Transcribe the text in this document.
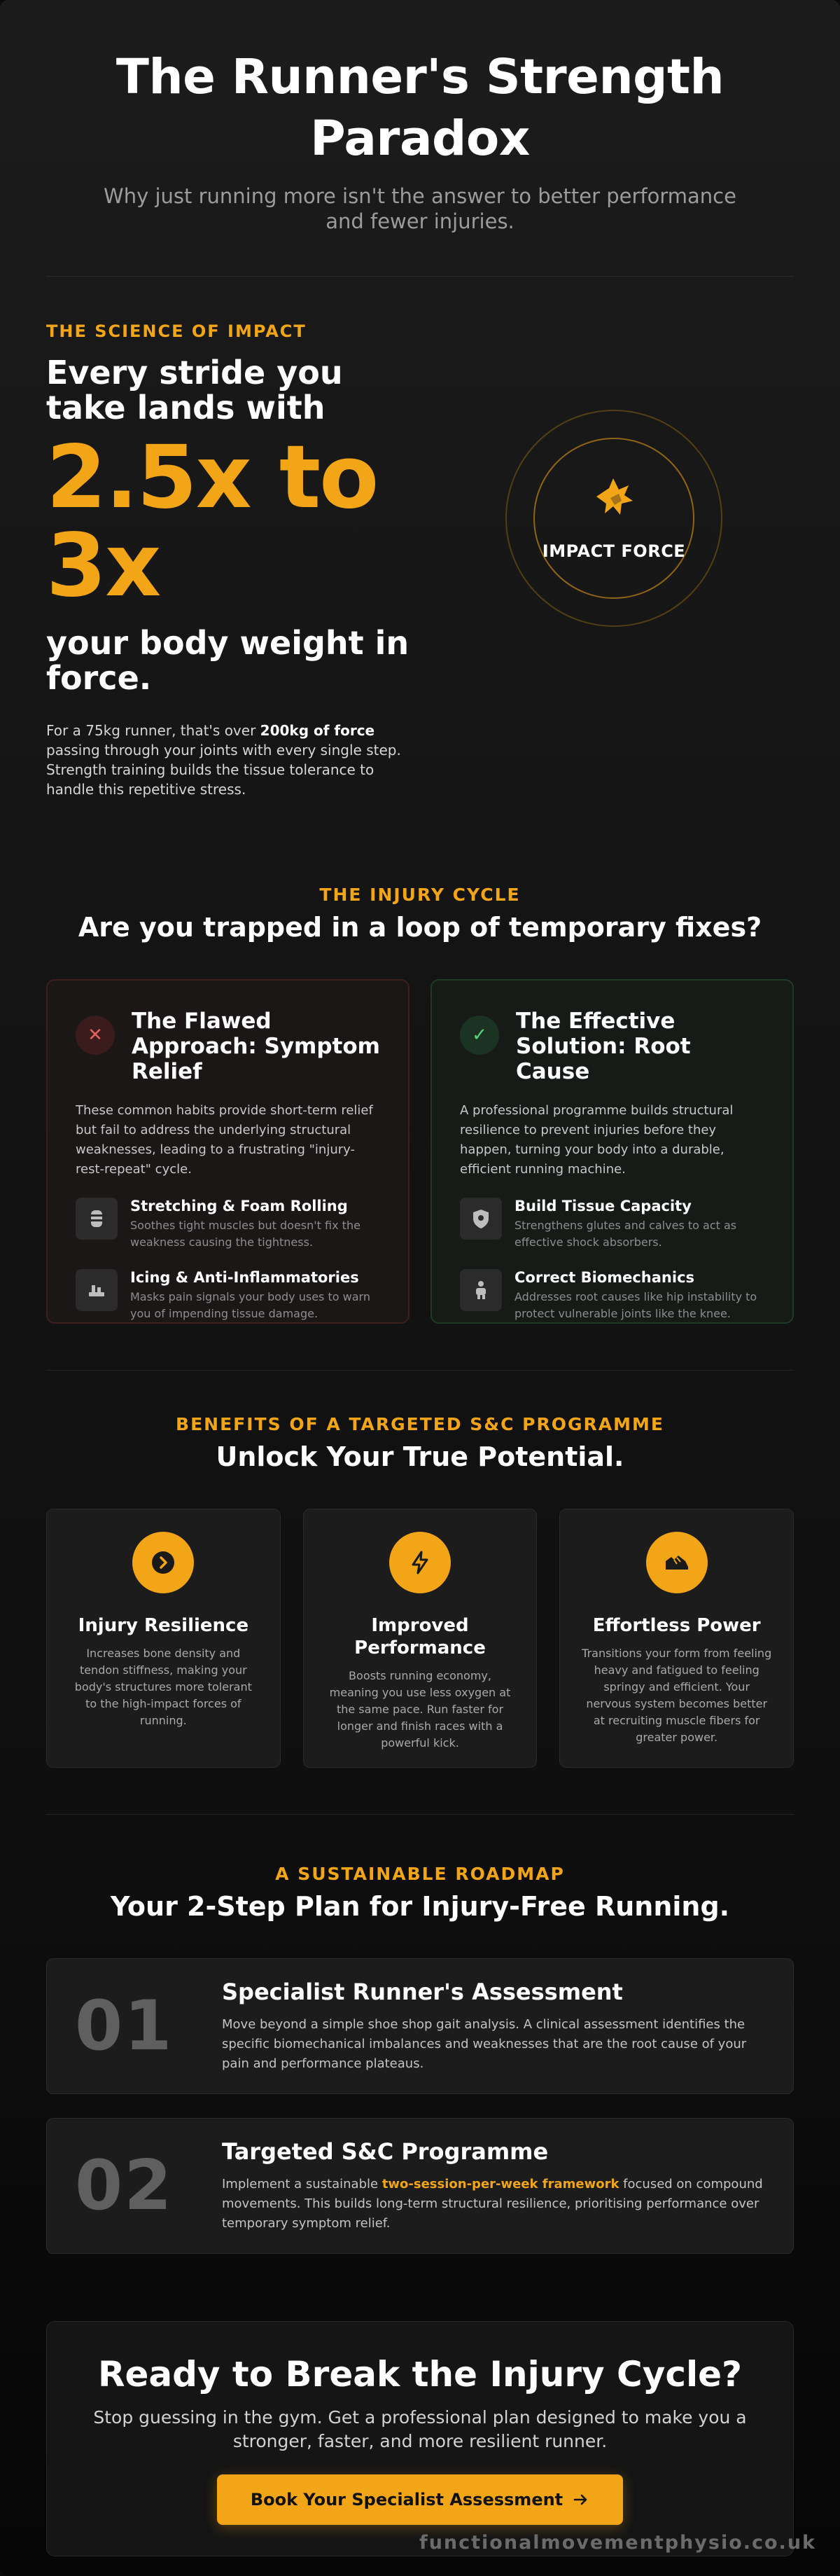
The Runner's Strength Paradox

Why just running more isn't the answer to better performance and fewer injuries.

THE SCIENCE OF IMPACT
Every stride you take lands with
2.5x to 3x
your body weight in force.

For a 75kg runner, that's over 200kg of force passing through your joints with every single step. Strength training builds the tissue tolerance to handle this repetitive stress.

IMPACT FORCE
THE INJURY CYCLE
Are you trapped in a loop of temporary fixes?
✕
The Flawed Approach: Symptom Relief

These common habits provide short-term relief but fail to address the underlying structural weaknesses, leading to a frustrating "injury-rest-repeat" cycle.

Stretching & Foam Rolling

Soothes tight muscles but doesn't fix the weakness causing the tightness.

Icing & Anti-Inflammatories

Masks pain signals your body uses to warn you of impending tissue damage.

✓
The Effective Solution: Root Cause

A professional programme builds structural resilience to prevent injuries before they happen, turning your body into a durable, efficient running machine.

Build Tissue Capacity

Strengthens glutes and calves to act as effective shock absorbers.

Correct Biomechanics

Addresses root causes like hip instability to protect vulnerable joints like the knee.

BENEFITS OF A TARGETED S&C PROGRAMME
Unlock Your True Potential.
Injury Resilience

Increases bone density and tendon stiffness, making your body's structures more tolerant to the high-impact forces of running.

Improved Performance

Boosts running economy, meaning you use less oxygen at the same pace. Run faster for longer and finish races with a powerful kick.

Effortless Power

Transitions your form from feeling heavy and fatigued to feeling springy and efficient. Your nervous system becomes better at recruiting muscle fibers for greater power.

A SUSTAINABLE ROADMAP
Your 2-Step Plan for Injury-Free Running.
01	Specialist Runner's Assessment

Move beyond a simple shoe shop gait analysis. A clinical assessment identifies the specific biomechanical imbalances and weaknesses that are the root cause of your pain and performance plateaus.

02	Targeted S&C Programme

Implement a sustainable two-session-per-week framework focused on compound movements. This builds long-term structural resilience, prioritising performance over temporary symptom relief.

Ready to Break the Injury Cycle?

Stop guessing in the gym. Get a professional plan designed to make you a stronger, faster, and more resilient runner.

Book Your Specialist Assessment
functionalmovementphysio.co.uk
